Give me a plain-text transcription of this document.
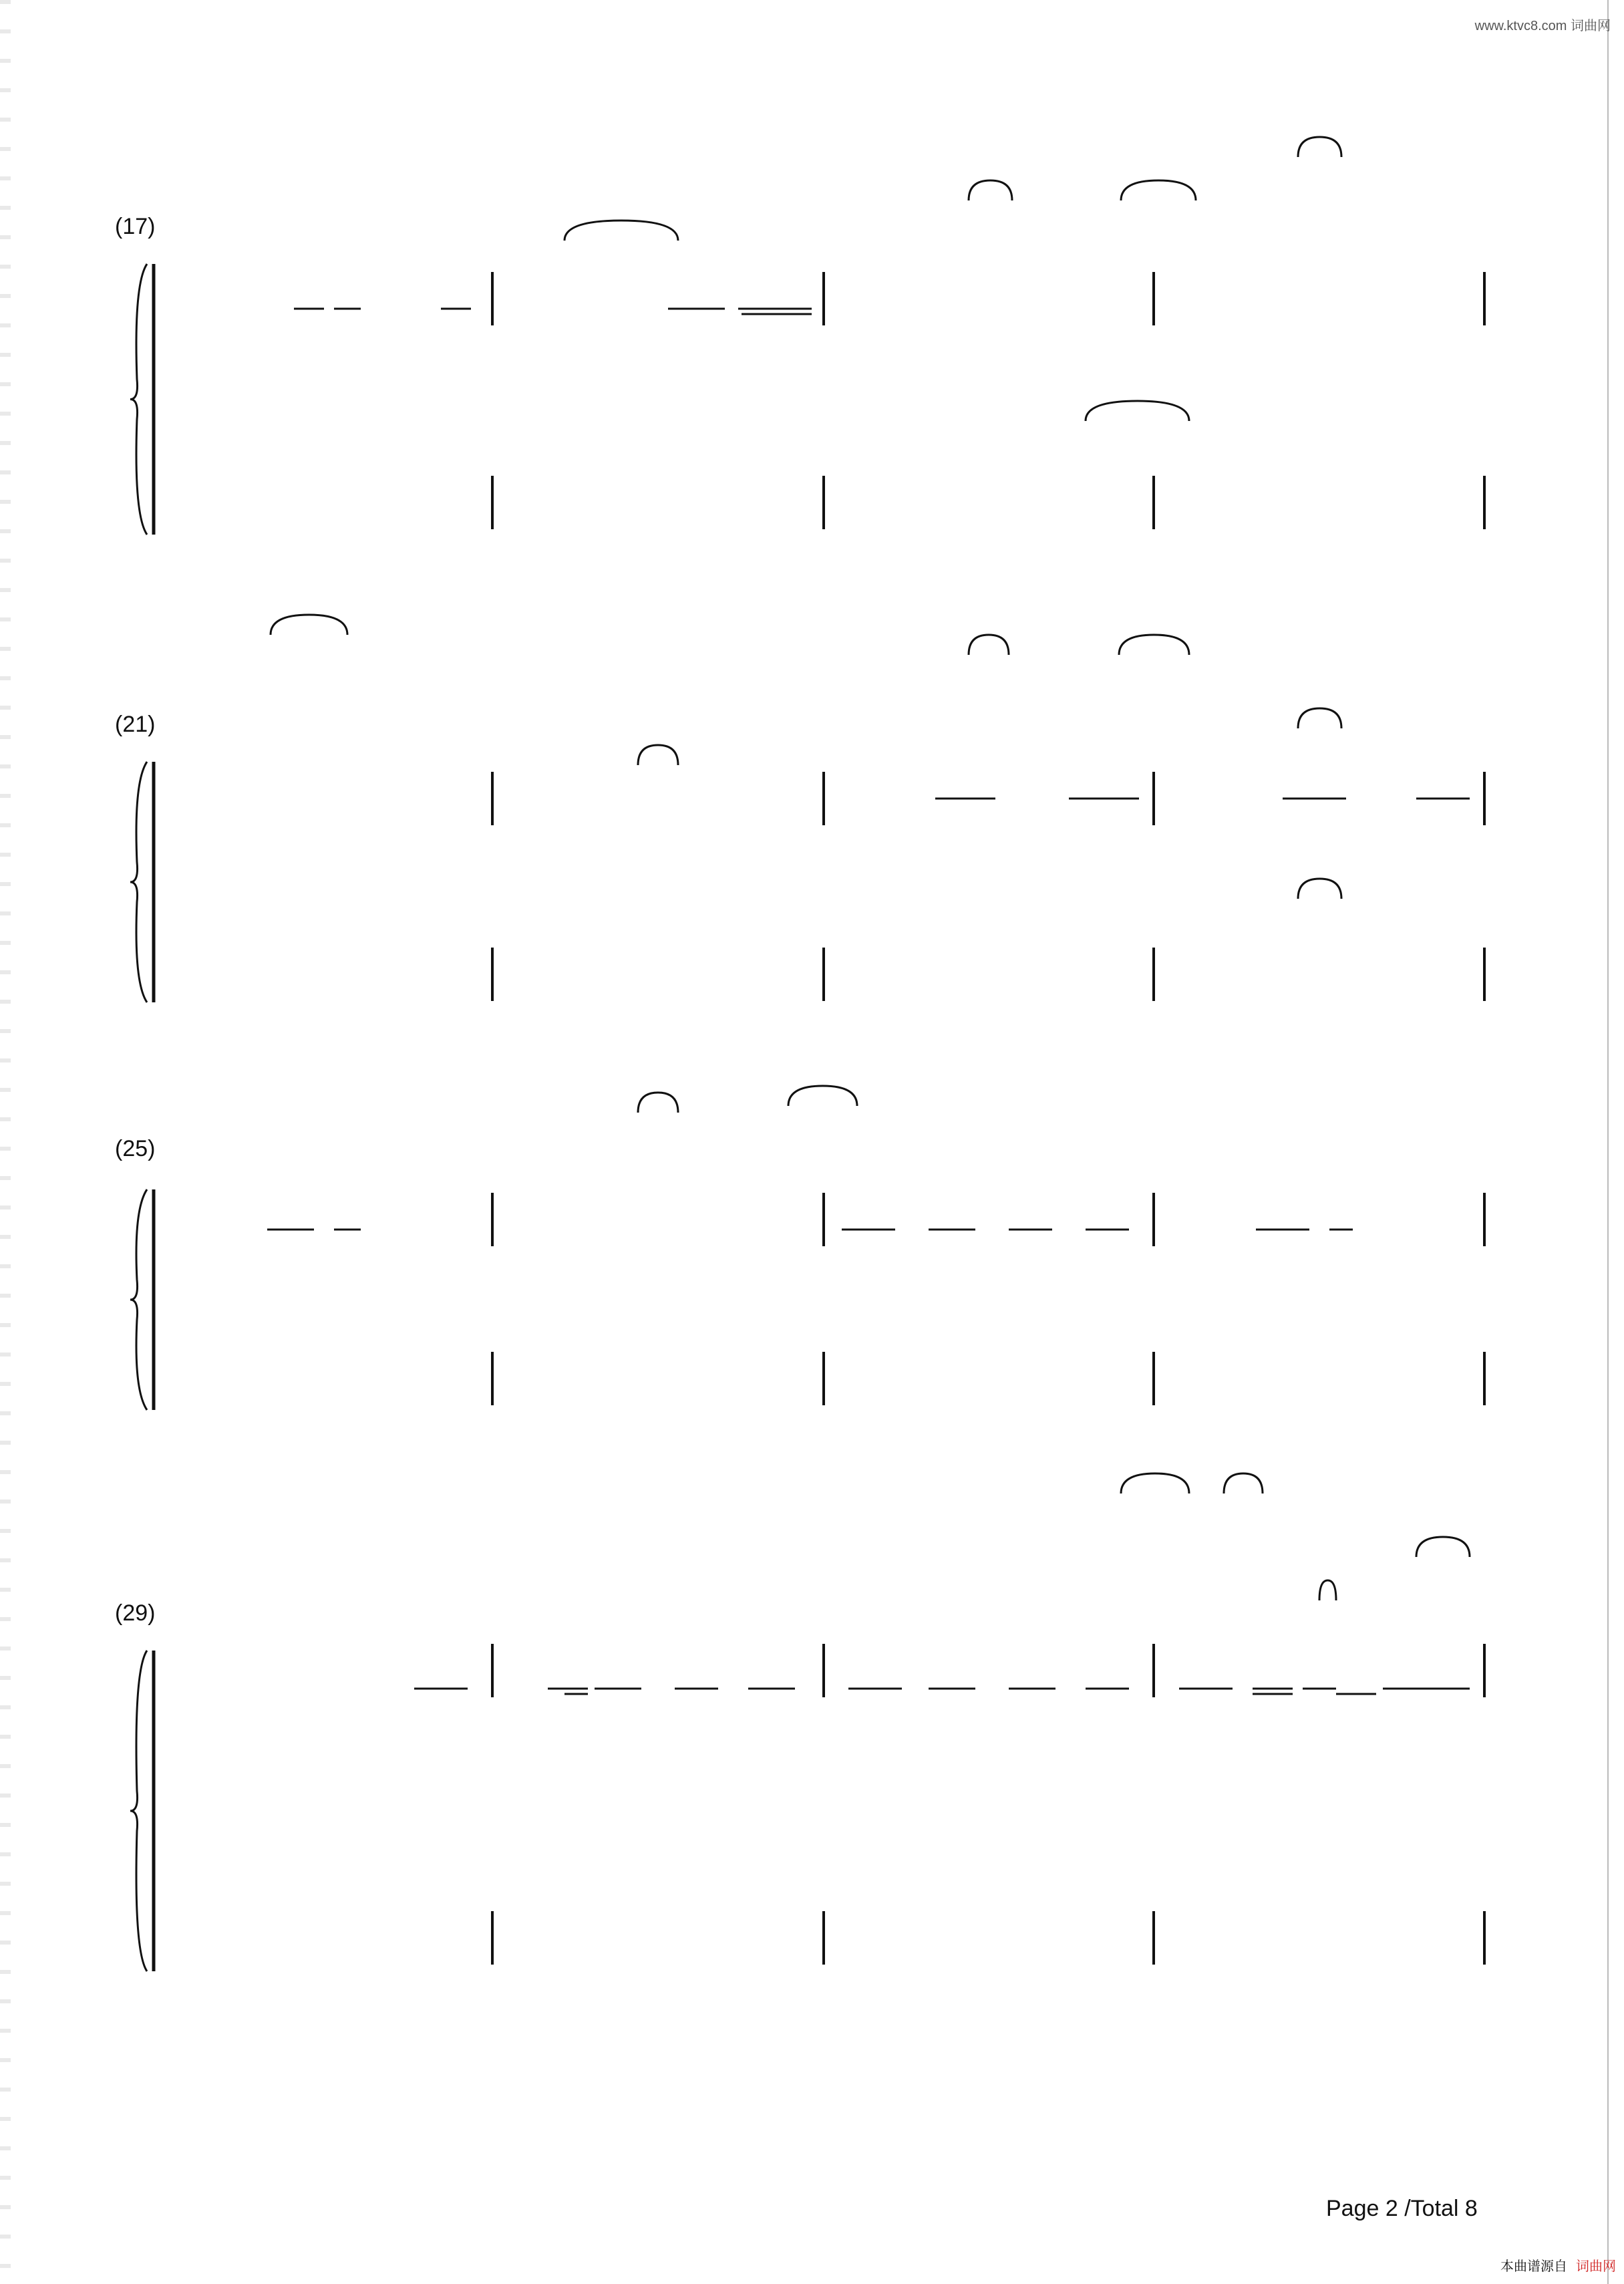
www.ktvc8.com 词曲网
(17)
(21)
(25)
(29)
Page 2 /Total 8
本曲谱源自 词曲网
